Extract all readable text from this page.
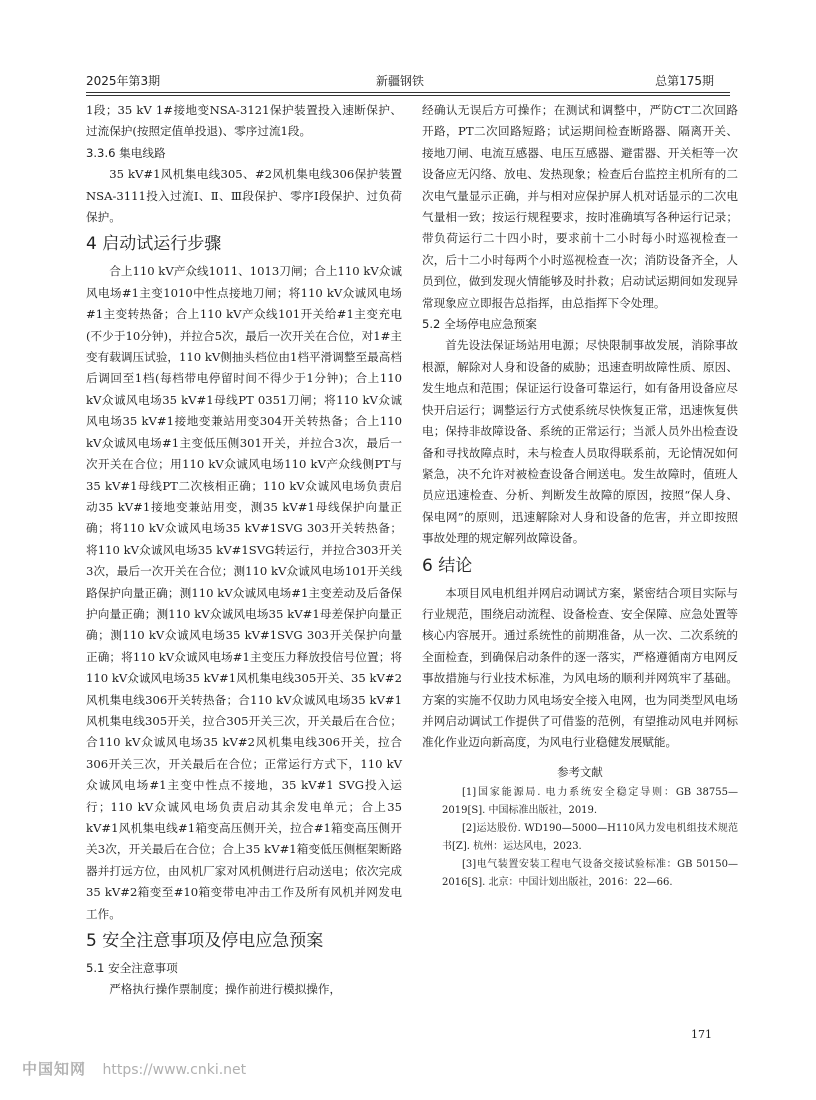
2025年第3期	新疆钢铁	总第175期

1段；35 kV 1#接地变NSA-3121保护装置投入速断保护、过流保护(按照定值单投退)、零序过流1段。

3.3.6 集电线路

35 kV#1风机集电线305、#2风机集电线306保护装置NSA-3111投入过流Ⅰ、Ⅱ、Ⅲ段保护、零序Ⅰ段保护、过负荷保护。

4 启动试运行步骤

合上110 kV产众线1011、1013刀闸；合上110 kV众诚风电场#1主变1010中性点接地刀闸；将110 kV众诚风电场#1主变转热备；合上110 kV产众线101开关给#1主变充电(不少于10分钟)，并拉合5次，最后一次开关在合位，对1#主变有载调压试验，110 kV侧抽头档位由1档平滑调整至最高档后调回至1档(每档带电停留时间不得少于1分钟)；合上110 kV众诚风电场35 kV#1母线PT 0351刀闸；将110 kV众诚风电场35 kV#1接地变兼站用变304开关转热备；合上110 kV众诚风电场#1主变低压侧301开关，并拉合3次，最后一次开关在合位；用110 kV众诚风电场110 kV产众线侧PT与35 kV#1母线PT二次核相正确；110 kV众诚风电场负责启动35 kV#1接地变兼站用变，测35 kV#1母线保护向量正确；将110 kV众诚风电场35 kV#1SVG 303开关转热备；将110 kV众诚风电场35 kV#1SVG转运行，并拉合303开关3次，最后一次开关在合位；测110 kV众诚风电场101开关线路保护向量正确；测110 kV众诚风电场#1主变差动及后备保护向量正确；测110 kV众诚风电场35 kV#1母差保护向量正确；测110 kV众诚风电场35 kV#1SVG 303开关保护向量正确；将110 kV众诚风电场#1主变压力释放投信号位置；将110 kV众诚风电场35 kV#1风机集电线305开关、35 kV#2风机集电线306开关转热备；合110 kV众诚风电场35 kV#1风机集电线305开关，拉合305开关三次，开关最后在合位；合110 kV众诚风电场35 kV#2风机集电线306开关，拉合306开关三次，开关最后在合位；正常运行方式下，110 kV众诚风电场#1主变中性点不接地，35 kV#1 SVG投入运行；110 kV众诚风电场负责启动其余发电单元；合上35 kV#1风机集电线#1箱变高压侧开关，拉合#1箱变高压侧开关3次，开关最后在合位；合上35 kV#1箱变低压侧框架断路器并打远方位，由风机厂家对风机侧进行启动送电；依次完成35 kV#2箱变至#10箱变带电冲击工作及所有风机并网发电工作。

5 安全注意事项及停电应急预案
5.1 安全注意事项

严格执行操作票制度；操作前进行模拟操作，

经确认无误后方可操作；在测试和调整中，严防CT二次回路开路，PT二次回路短路；试运期间检查断路器、隔离开关、接地刀闸、电流互感器、电压互感器、避雷器、开关柜等一次设备应无闪络、放电、发热现象；检查后台监控主机所有的二次电气量显示正确，并与相对应保护屏人机对话显示的二次电气量相一致；按运行规程要求，按时准确填写各种运行记录；带负荷运行二十四小时，要求前十二小时每小时巡视检查一次，后十二小时每两个小时巡视检查一次；消防设备齐全，人员到位，做到发现火情能够及时扑救；启动试运期间如发现异常现象应立即报告总指挥，由总指挥下令处理。

5.2 全场停电应急预案

首先设法保证场站用电源；尽快限制事故发展，消除事故根源，解除对人身和设备的威胁；迅速查明故障性质、原因、发生地点和范围；保证运行设备可靠运行，如有备用设备应尽快开启运行；调整运行方式使系统尽快恢复正常，迅速恢复供电；保持非故障设备、系统的正常运行；当派人员外出检查设备和寻找故障点时，未与检查人员取得联系前，无论情况如何紧急，决不允许对被检查设备合闸送电。发生故障时，值班人员应迅速检查、分析、判断发生故障的原因，按照“保人身、保电网”的原则，迅速解除对人身和设备的危害，并立即按照事故处理的规定解列故障设备。

6 结论

本项目风电机组并网启动调试方案，紧密结合项目实际与行业规范，围绕启动流程、设备检查、安全保障、应急处置等核心内容展开。通过系统性的前期准备，从一次、二次系统的全面检查，到确保启动条件的逐一落实，严格遵循南方电网反事故措施与行业技术标准，为风电场的顺利并网筑牢了基础。方案的实施不仅助力风电场安全接入电网，也为同类型风电场并网启动调试工作提供了可借鉴的范例，有望推动风电并网标准化作业迈向新高度，为风电行业稳健发展赋能。

参考文献

[1]国家能源局. 电力系统安全稳定导则：GB 38755—2019[S]. 中国标准出版社，2019.

[2]运达股份. WD190—5000—H110风力发电机组技术规范书[Z]. 杭州：运达风电，2023.

[3]电气装置安装工程电气设备交接试验标准：GB 50150—2016[S]. 北京：中国计划出版社，2016：22—66.

171
中国知网 https://www.cnki.net
